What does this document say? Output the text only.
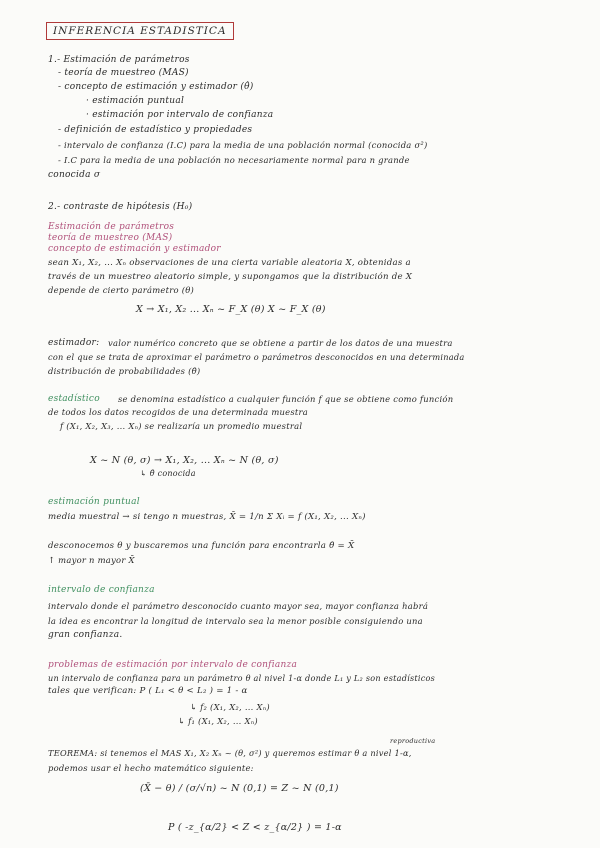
INFERENCIA ESTADISTICA
1.- Estimación de parámetros
- teoría de muestreo (MAS)
- concepto de estimación y estimador (θ̂)
· estimación puntual
· estimación por intervalo de confianza
- definición de estadístico y propiedades
- intervalo de confianza (I.C) para la media de una población normal (conocida σ²)
- I.C para la media de una población no necesariamente normal para n grande
conocida σ
2.- contraste de hipótesis (H₀)
Estimación de parámetros
teoría de muestreo (MAS)
concepto de estimación y estimador
sean X₁, X₂, ... Xₙ observaciones de una cierta variable aleatoria X, obtenidas a
través de un muestreo aleatorio simple, y supongamos que la distribución de X
depende de cierto parámetro (θ)
X → X₁, X₂ ... Xₙ ~ F_X (θ) X ~ F_X (θ)
estimador: valor numérico concreto que se obtiene a partir de los datos de una muestra
con el que se trata de aproximar el parámetro o parámetros desconocidos en una determinada
distribución de probabilidades (θ̂)
estadístico se denomina estadístico a cualquier función f que se obtiene como función
de todos los datos recogidos de una determinada muestra
f (X₁, X₂, X₃, ... Xₙ) se realizaría un promedio muestral
X ~ N (θ, σ) → X₁, X₂, ... Xₙ ~ N (θ, σ)
↳ θ̂ conocida
estimación puntual
media muestral → si tengo n muestras, X̄ = 1/n Σ Xᵢ = f (X₁, X₂, ... Xₙ)
desconocemos θ y buscaremos una función para encontrarla θ̂ = X̄
↑ mayor n mayor X̄
intervalo de confianza
intervalo donde el parámetro desconocido cuanto mayor sea, mayor confianza habrá
la idea es encontrar la longitud de intervalo sea la menor posible consiguiendo una
gran confianza.
problemas de estimación por intervalo de confianza
un intervalo de confianza para un parámetro θ al nivel 1-α donde L₁ y L₂ son estadísticos
tales que verifican: P ( L₁ < θ < L₂ ) = 1 - α
↳ f₂ (X₁, X₂, ... Xₙ)
↳ f₁ (X₁, X₂, ... Xₙ)
reproductiva
TEOREMA: si tenemos el MAS X₁, X₂ Xₙ ~ (θ, σ²) y queremos estimar θ a nivel 1-α,
podemos usar el hecho matemático siguiente:
(X̄ − θ) / (σ/√n) ~ N (0,1) = Z ~ N (0,1)
P ( -z_{α/2} < Z < z_{α/2} ) = 1-α
